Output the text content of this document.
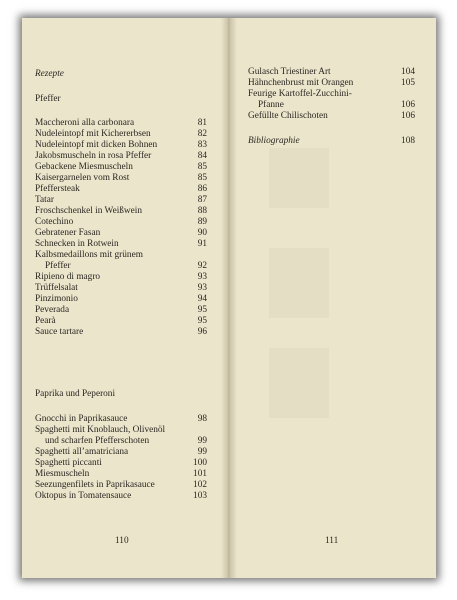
Rezepte
Pfeffer
Maccheroni alla carbonara	81
Nudeleintopf mit Kichererbsen	82
Nudeleintopf mit dicken Bohnen	83
Jakobsmuscheln in rosa Pfeffer	84
Gebackene Miesmuscheln	85
Kaisergarnelen vom Rost	85
Pfeffersteak	86
Tatar	87
Froschschenkel in Weißwein	88
Cotechino	89
Gebratener Fasan	90
Schnecken in Rotwein	91
Kalbsmedaillons mit grünem
Pfeffer	92
Ripieno di magro	93
Trüffelsalat	93
Pinzimonio	94
Peverada	95
Pearà	95
Sauce tartare	96
Paprika und Peperoni
Gnocchi in Paprikasauce	98
Spaghetti mit Knoblauch, Olivenöl
und scharfen Pfefferschoten	99
Spaghetti all’amatriciana	99
Spaghetti piccanti	100
Miesmuscheln	101
Seezungenfilets in Paprikasauce	102
Oktopus in Tomatensauce	103
110
Gulasch Triestiner Art	104
Hähnchenbrust mit Orangen	105
Feurige Kartoffel-Zucchini-
Pfanne	106
Gefüllte Chilischoten	106
Bibliographie	108
111
